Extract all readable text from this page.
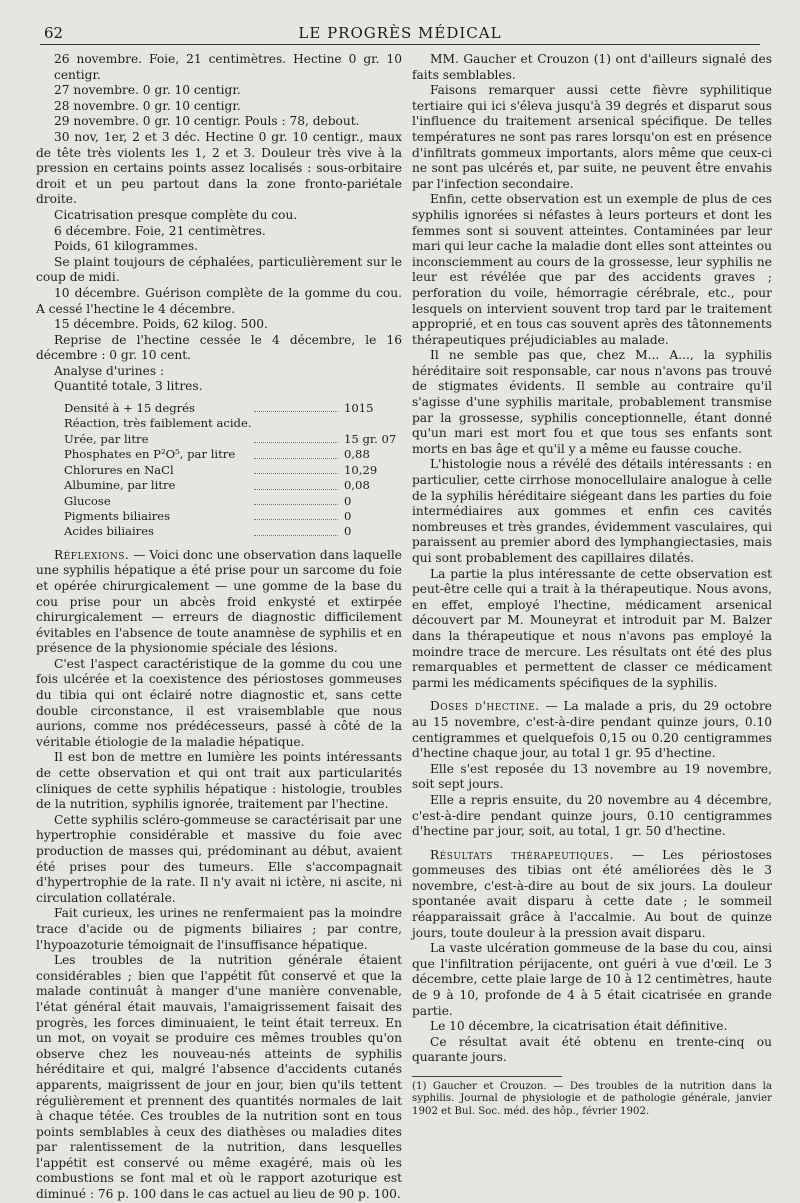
62	LE PROGRÈS MÉDICAL

26 novembre. Foie, 21 centimètres. Hectine 0 gr. 10 centigr.

27 novembre. 0 gr. 10 centigr.

28 novembre. 0 gr. 10 centigr.

29 novembre. 0 gr. 10 centigr. Pouls : 78, debout.

30 nov, 1er, 2 et 3 déc. Hectine 0 gr. 10 centigr., maux de tête très violents les 1, 2 et 3. Douleur très vive à la pression en certains points assez localisés : sous-orbitaire droit et un peu partout dans la zone fronto-pariétale droite.

Cicatrisation presque complète du cou.

6 décembre. Foie, 21 centimètres.

Poids, 61 kilogrammes.

Se plaint toujours de céphalées, particulièrement sur le coup de midi.

10 décembre. Guérison complète de la gomme du cou. A cessé l'hectine le 4 décembre.

15 décembre. Poids, 62 kilog. 500.

Reprise de l'hectine cessée le 4 décembre, le 16 décembre : 0 gr. 10 cent.

Analyse d'urines :

Quantité totale, 3 litres.

Densité à + 15 degrés	1015
Réaction, très faiblement acide.
Urée, par litre	15 gr. 07
Phosphates en P²O⁵, par litre	0,88
Chlorures en NaCl	10,29
Albumine, par litre	0,08
Glucose	0
Pigments biliaires	0
Acides biliaires	0

Réflexions. — Voici donc une observation dans laquelle une syphilis hépatique a été prise pour un sarcome du foie et opérée chirurgicalement — une gomme de la base du cou prise pour un abcès froid enkysté et extirpée chirurgicalement — erreurs de diagnostic difficilement évitables en l'absence de toute anamnèse de syphilis et en présence de la physionomie spéciale des lésions.

C'est l'aspect caractéristique de la gomme du cou une fois ulcérée et la coexistence des périostoses gommeuses du tibia qui ont éclairé notre diagnostic et, sans cette double circonstance, il est vraisemblable que nous aurions, comme nos prédécesseurs, passé à côté de la véritable étiologie de la maladie hépatique.

Il est bon de mettre en lumière les points intéressants de cette observation et qui ont trait aux particularités cliniques de cette syphilis hépatique : histologie, troubles de la nutrition, syphilis ignorée, traitement par l'hectine.

Cette syphilis scléro-gommeuse se caractérisait par une hypertrophie considérable et massive du foie avec production de masses qui, prédominant au début, avaient été prises pour des tumeurs. Elle s'accompagnait d'hypertrophie de la rate. Il n'y avait ni ictère, ni ascite, ni circulation collatérale.

Fait curieux, les urines ne renfermaient pas la moindre trace d'acide ou de pigments biliaires ; par contre, l'hypoazoturie témoignait de l'insuffisance hépatique.

Les troubles de la nutrition générale étaient considérables ; bien que l'appétit fût conservé et que la malade continuât à manger d'une manière convenable, l'état général était mauvais, l'amaigrissement faisait des progrès, les forces diminuaient, le teint était terreux. En un mot, on voyait se produire ces mêmes troubles qu'on observe chez les nouveau-nés atteints de syphilis héréditaire et qui, malgré l'absence d'accidents cutanés apparents, maigrissent de jour en jour, bien qu'ils tettent régulièrement et prennent des quantités normales de lait à chaque tétée. Ces troubles de la nutrition sont en tous points semblables à ceux des diathèses ou maladies dites par ralentissement de la nutrition, dans lesquelles l'appétit est conservé ou même exagéré, mais où les combustions se font mal et où le rapport azoturique est diminué : 76 p. 100 dans le cas actuel au lieu de 90 p. 100.

MM. Gaucher et Crouzon (1) ont d'ailleurs signalé des faits semblables.

Faisons remarquer aussi cette fièvre syphilitique tertiaire qui ici s'éleva jusqu'à 39 degrés et disparut sous l'influence du traitement arsenical spécifique. De telles températures ne sont pas rares lorsqu'on est en présence d'infiltrats gommeux importants, alors même que ceux-ci ne sont pas ulcérés et, par suite, ne peuvent être envahis par l'infection secondaire.

Enfin, cette observation est un exemple de plus de ces syphilis ignorées si néfastes à leurs porteurs et dont les femmes sont si souvent atteintes. Contaminées par leur mari qui leur cache la maladie dont elles sont atteintes ou inconsciemment au cours de la grossesse, leur syphilis ne leur est révélée que par des accidents graves ; perforation du voile, hémorragie cérébrale, etc., pour lesquels on intervient souvent trop tard par le traitement approprié, et en tous cas souvent après des tâtonnements thérapeutiques préjudiciables au malade.

Il ne semble pas que, chez M... A..., la syphilis héréditaire soit responsable, car nous n'avons pas trouvé de stigmates évidents. Il semble au contraire qu'il s'agisse d'une syphilis maritale, probablement transmise par la grossesse, syphilis conceptionnelle, étant donné qu'un mari est mort fou et que tous ses enfants sont morts en bas âge et qu'il y a même eu fausse couche.

L'histologie nous a révélé des détails intéressants : en particulier, cette cirrhose monocellulaire analogue à celle de la syphilis héréditaire siégeant dans les parties du foie intermédiaires aux gommes et enfin ces cavités nombreuses et très grandes, évidemment vasculaires, qui paraissent au premier abord des lymphangiectasies, mais qui sont probablement des capillaires dilatés.

La partie la plus intéressante de cette observation est peut-être celle qui a trait à la thérapeutique. Nous avons, en effet, employé l'hectine, médicament arsenical découvert par M. Mouneyrat et introduit par M. Balzer dans la thérapeutique et nous n'avons pas employé la moindre trace de mercure. Les résultats ont été des plus remarquables et permettent de classer ce médicament parmi les médicaments spécifiques de la syphilis.

Doses d'hectine. — La malade a pris, du 29 octobre au 15 novembre, c'est-à-dire pendant quinze jours, 0.10 centigrammes et quelquefois 0,15 ou 0.20 centigrammes d'hectine chaque jour, au total 1 gr. 95 d'hectine.

Elle s'est reposée du 13 novembre au 19 novembre, soit sept jours.

Elle a repris ensuite, du 20 novembre au 4 décembre, c'est-à-dire pendant quinze jours, 0.10 centigrammes d'hectine par jour, soit, au total, 1 gr. 50 d'hectine.

Résultats thérapeutiques. — Les périostoses gommeuses des tibias ont été améliorées dès le 3 novembre, c'est-à-dire au bout de six jours. La douleur spontanée avait disparu à cette date ; le sommeil réapparaissait grâce à l'accalmie. Au bout de quinze jours, toute douleur à la pression avait disparu.

La vaste ulcération gommeuse de la base du cou, ainsi que l'infiltration périjacente, ont guéri à vue d'œil. Le 3 décembre, cette plaie large de 10 à 12 centimètres, haute de 9 à 10, profonde de 4 à 5 était cicatrisée en grande partie.

Le 10 décembre, la cicatrisation était définitive.

Ce résultat avait été obtenu en trente-cinq ou quarante jours.

(1) Gaucher et Crouzon. — Des troubles de la nutrition dans la syphilis. Journal de physiologie et de pathologie générale, janvier 1902 et Bul. Soc. méd. des hôp., février 1902.
